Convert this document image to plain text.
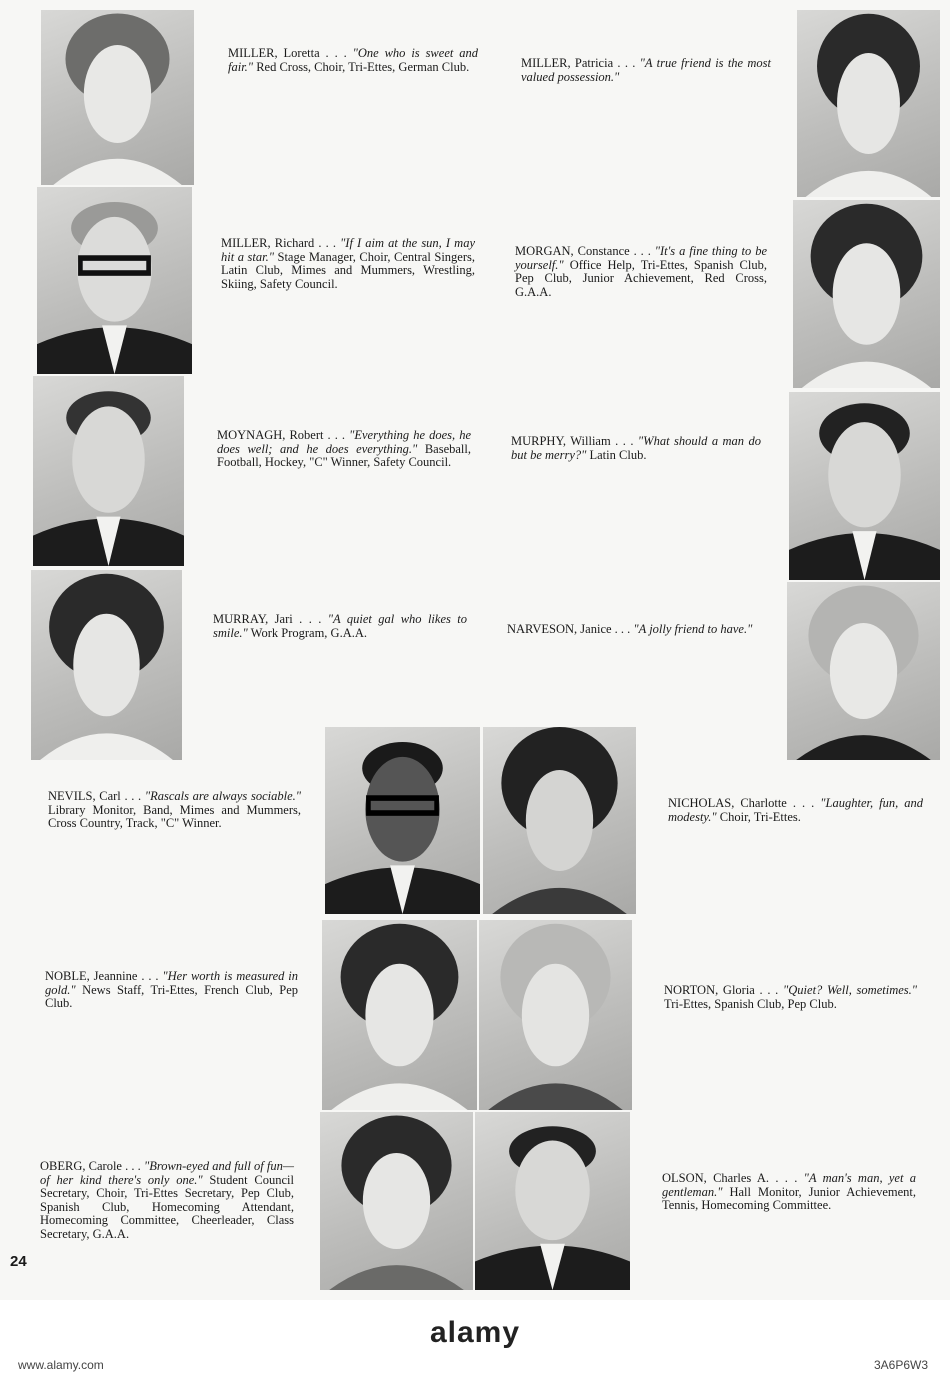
MILLER, Loretta . . . "One who is sweet and fair." Red Cross, Choir, Tri-Ettes, German Club.	MILLER, Patricia . . . "A true friend is the most valued possession."
MILLER, Richard . . . "If I aim at the sun, I may hit a star." Stage Manager, Choir, Central Singers, Latin Club, Mimes and Mummers, Wrestling, Skiing, Safety Council.
MORGAN, Constance . . . "It's a fine thing to be yourself." Office Help, Tri-Ettes, Spanish Club, Pep Club, Junior Achievement, Red Cross, G.A.A.
MOYNAGH, Robert . . . "Everything he does, he does well; and he does everything." Baseball, Football, Hockey, "C" Winner, Safety Council.
MURPHY, William . . . "What should a man do but be merry?" Latin Club.
MURRAY, Jari . . . "A quiet gal who likes to smile." Work Program, G.A.A.	NARVESON, Janice . . . "A jolly friend to have."
NEVILS, Carl . . . "Rascals are always sociable." Library Monitor, Band, Mimes and Mummers, Cross Country, Track, "C" Winner.
NICHOLAS, Charlotte . . . "Laughter, fun, and modesty." Choir, Tri-Ettes.
NOBLE, Jeannine . . . "Her worth is measured in gold." News Staff, Tri-Ettes, French Club, Pep Club.
NORTON, Gloria . . . "Quiet? Well, sometimes." Tri-Ettes, Spanish Club, Pep Club.
OBERG, Carole . . . "Brown-eyed and full of fun—of her kind there's only one." Student Council Secretary, Choir, Tri-Ettes Secretary, Pep Club, Spanish Club, Homecoming Attendant, Homecoming Committee, Cheerleader, Class Secretary, G.A.A.
OLSON, Charles A. . . . "A man's man, yet a gentleman." Hall Monitor, Junior Achievement, Tennis, Homecoming Committee.
24
alamy
www.alamy.com	3A6P6W3
